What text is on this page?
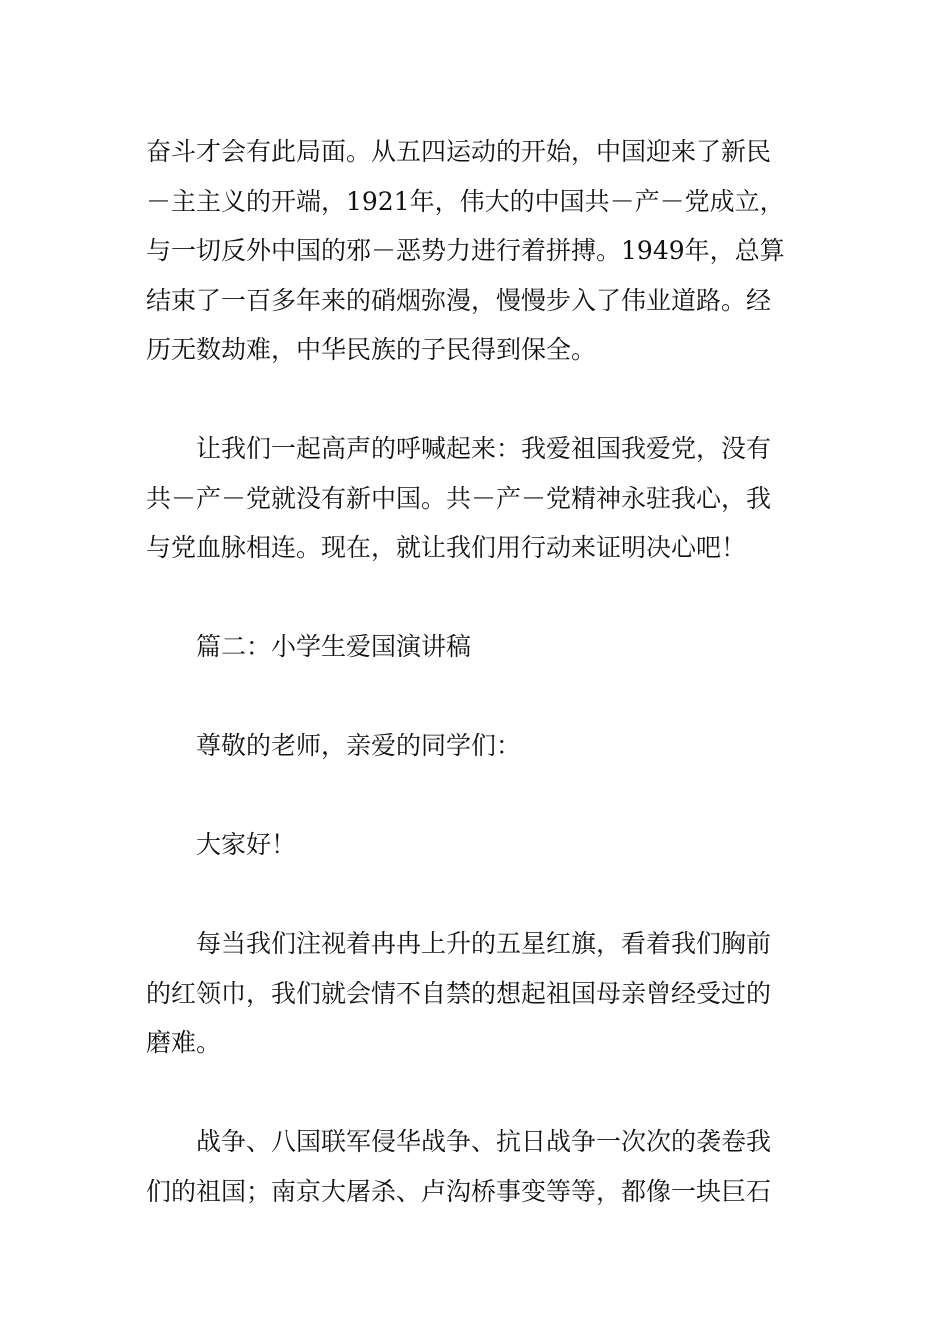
奋斗才会有此局面。从五四运动的开始，中国迎来了新民
－主主义的开端，1921年，伟大的中国共－产－党成立，
与一切反外中国的邪－恶势力进行着拼搏。1949年，总算
结束了一百多年来的硝烟弥漫，慢慢步入了伟业道路。经
历无数劫难，中华民族的子民得到保全。

让我们一起高声的呼喊起来：我爱祖国我爱党，没有
共－产－党就没有新中国。共－产－党精神永驻我心，我
与党血脉相连。现在，就让我们用行动来证明决心吧！

篇二：小学生爱国演讲稿

尊敬的老师，亲爱的同学们：

大家好！

每当我们注视着冉冉上升的五星红旗，看着我们胸前
的红领巾，我们就会情不自禁的想起祖国母亲曾经受过的
磨难。

战争、八国联军侵华战争、抗日战争一次次的袭卷我
们的祖国；南京大屠杀、卢沟桥事变等等，都像一块巨石
